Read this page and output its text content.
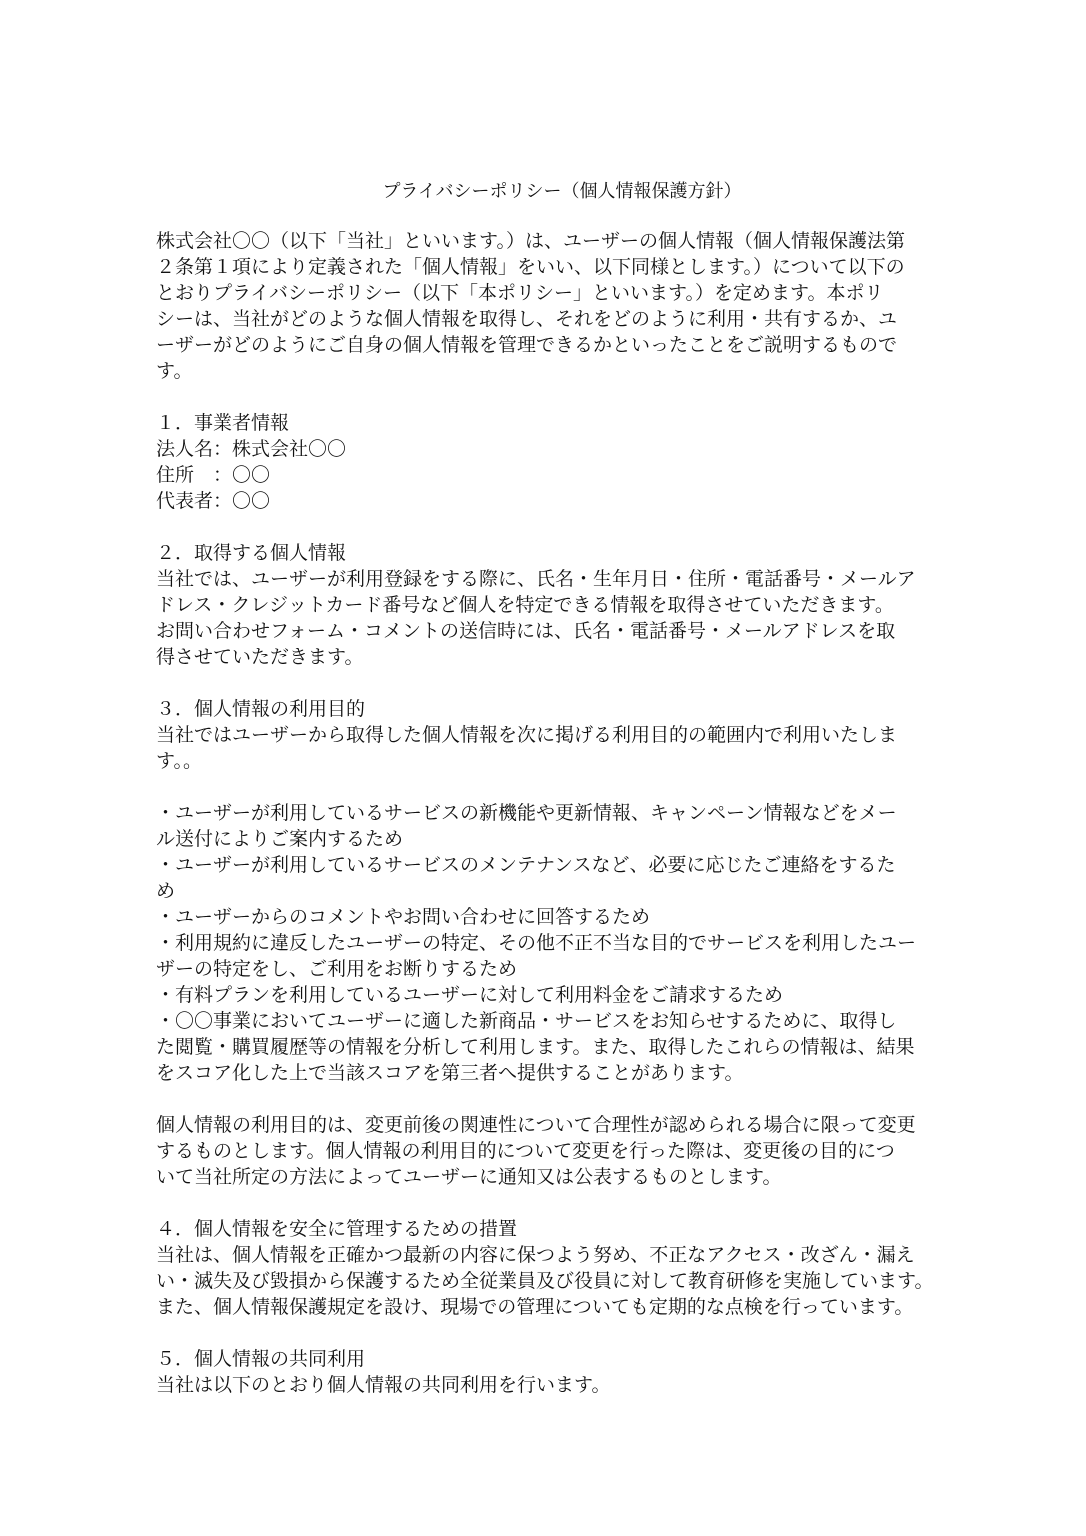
プライバシーポリシー（個人情報保護方針）

株式会社〇〇（以下「当社」といいます。）は、ユーザーの個人情報（個人情報保護法第
２条第１項により定義された「個人情報」をいい、以下同様とします。）について以下の
とおりプライバシーポリシー（以下「本ポリシー」といいます。）を定めます。本ポリ
シーは、当社がどのような個人情報を取得し、それをどのように利用・共有するか、ユ
ーザーがどのようにご自身の個人情報を管理できるかといったことをご説明するもので
す。

１．事業者情報

法人名：株式会社〇〇

住所　：〇〇

代表者：〇〇

２．取得する個人情報

当社では、ユーザーが利用登録をする際に、氏名・生年月日・住所・電話番号・メールア
ドレス・クレジットカード番号など個人を特定できる情報を取得させていただきます。
お問い合わせフォーム・コメントの送信時には、氏名・電話番号・メールアドレスを取
得させていただきます。

３．個人情報の利用目的

当社ではユーザーから取得した個人情報を次に掲げる利用目的の範囲内で利用いたしま
す。。

・ユーザーが利用しているサービスの新機能や更新情報、キャンペーン情報などをメー
ル送付によりご案内するため
・ユーザーが利用しているサービスのメンテナンスなど、必要に応じたご連絡をするた
め
・ユーザーからのコメントやお問い合わせに回答するため
・利用規約に違反したユーザーの特定、その他不正不当な目的でサービスを利用したユー
ザーの特定をし、ご利用をお断りするため
・有料プランを利用しているユーザーに対して利用料金をご請求するため
・〇〇事業においてユーザーに適した新商品・サービスをお知らせするために、取得し
た閲覧・購買履歴等の情報を分析して利用します。また、取得したこれらの情報は、結果
をスコア化した上で当該スコアを第三者へ提供することがあります。

個人情報の利用目的は、変更前後の関連性について合理性が認められる場合に限って変更
するものとします。個人情報の利用目的について変更を行った際は、変更後の目的につ
いて当社所定の方法によってユーザーに通知又は公表するものとします。

４．個人情報を安全に管理するための措置

当社は、個人情報を正確かつ最新の内容に保つよう努め、不正なアクセス・改ざん・漏え
い・滅失及び毀損から保護するため全従業員及び役員に対して教育研修を実施しています。
また、個人情報保護規定を設け、現場での管理についても定期的な点検を行っています。

５．個人情報の共同利用

当社は以下のとおり個人情報の共同利用を行います。
